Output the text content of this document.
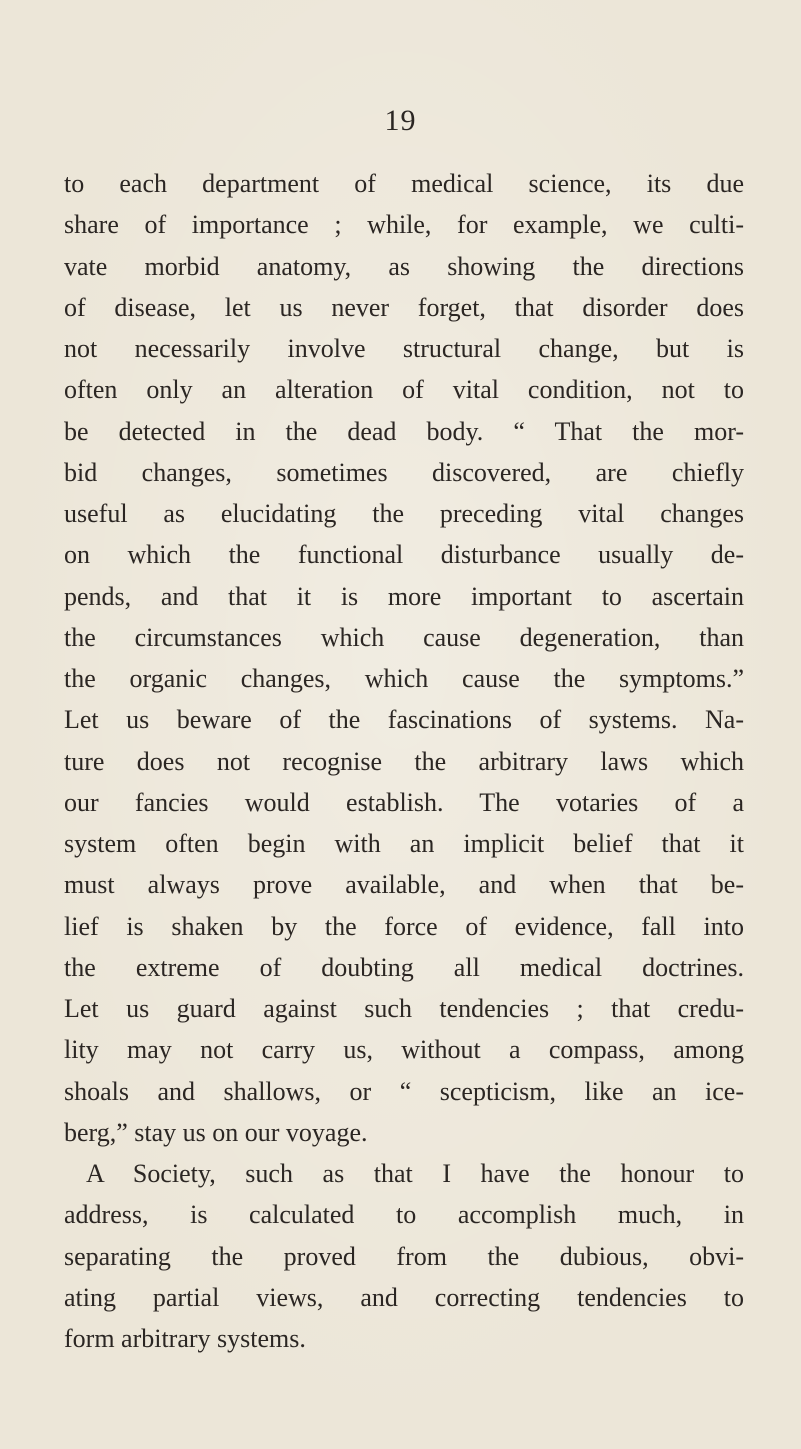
19
to each department of medical science, its due
share of importance ; while, for example, we culti-
vate morbid anatomy, as showing the directions
of disease, let us never forget, that disorder does
not necessarily involve structural change, but is
often only an alteration of vital condition, not to
be detected in the dead body. “ That the mor-
bid changes, sometimes discovered, are chiefly
useful as elucidating the preceding vital changes
on which the functional disturbance usually de-
pends, and that it is more important to ascertain
the circumstances which cause degeneration, than
the organic changes, which cause the symptoms.”
Let us beware of the fascinations of systems. Na-
ture does not recognise the arbitrary laws which
our fancies would establish. The votaries of a
system often begin with an implicit belief that it
must always prove available, and when that be-
lief is shaken by the force of evidence, fall into
the extreme of doubting all medical doctrines.
Let us guard against such tendencies ; that credu-
lity may not carry us, without a compass, among
shoals and shallows, or “ scepticism, like an ice-
berg,” stay us on our voyage.
A Society, such as that I have the honour to
address, is calculated to accomplish much, in
separating the proved from the dubious, obvi-
ating partial views, and correcting tendencies to
form arbitrary systems.
